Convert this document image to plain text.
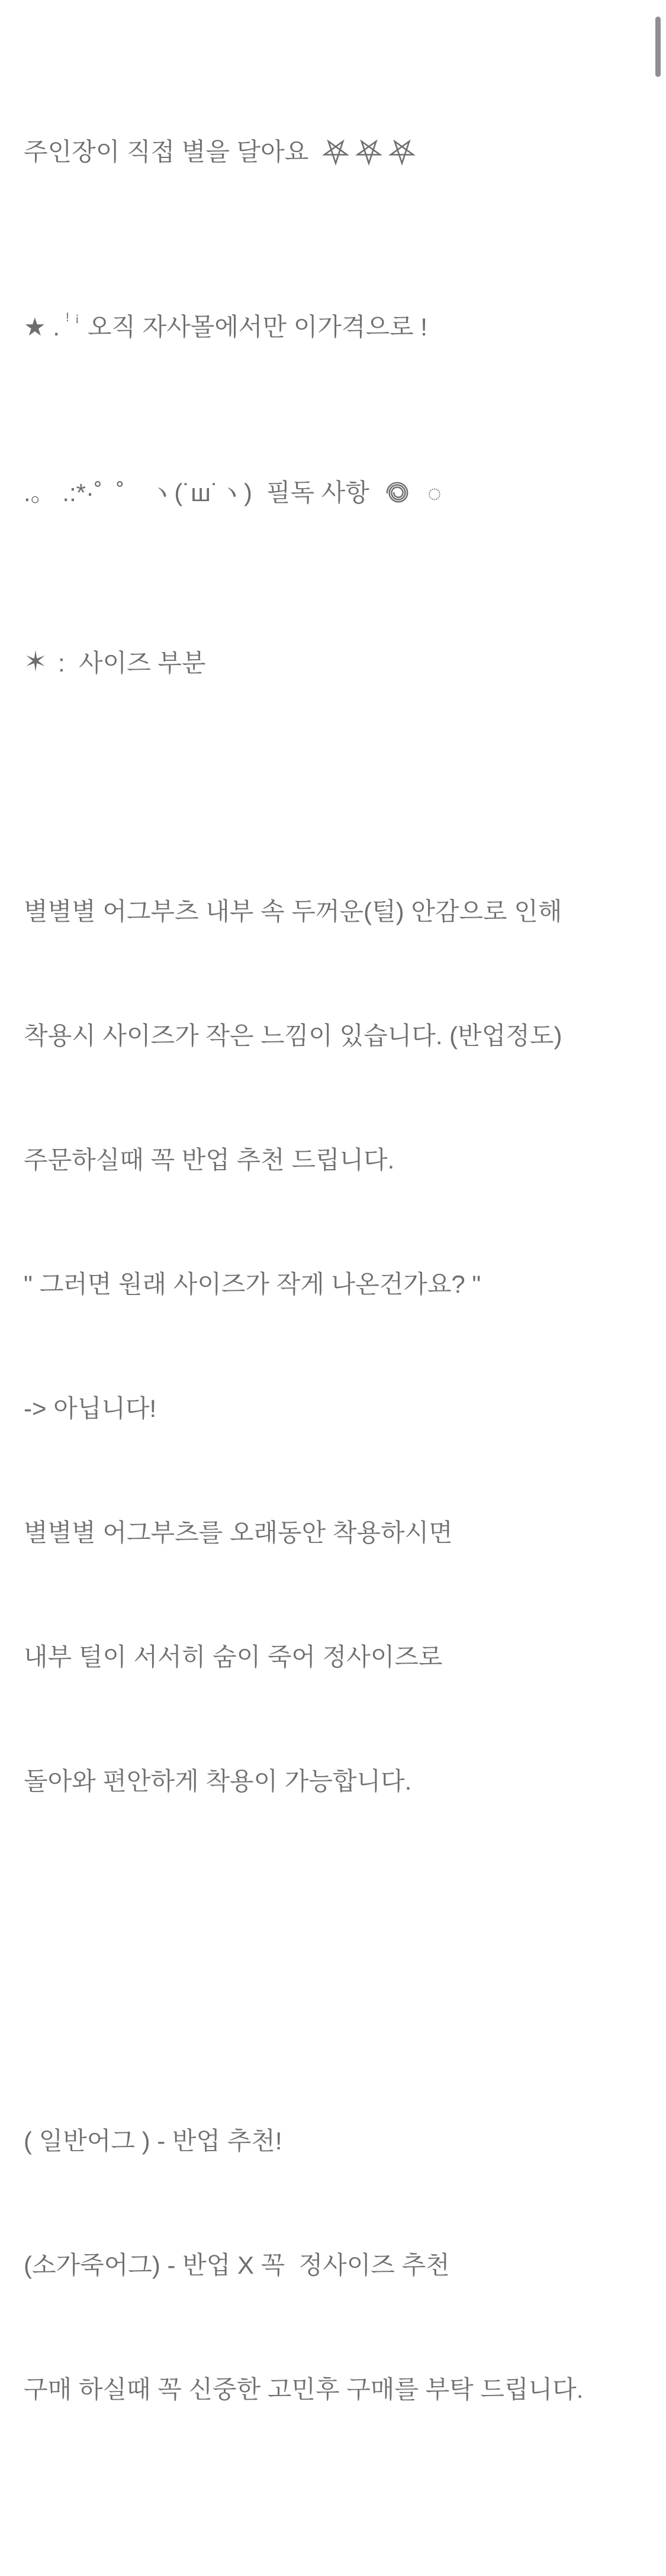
주인장이 직접 별을 달아요

★ . !¡오직 자사몰에서만 이가격으로 !

.。 .:*·˚  ˚ ヽ(˙ш˙ヽ) 필독 사항 ◌

:  사이즈 부분

별별별 어그부츠 내부 속 두꺼운(털) 안감으로 인해

착용시 사이즈가 작은 느낌이 있습니다. (반업정도)

주문하실때 꼭 반업 추천 드립니다.

" 그러면 원래 사이즈가 작게 나온건가요? "

-> 아닙니다!

별별별 어그부츠를 오래동안 착용하시면

내부 털이 서서히 숨이 죽어 정사이즈로

돌아와 편안하게 착용이 가능합니다.

( 일반어그 ) - 반업 추천!

(소가죽어그) - 반업 X 꼭  정사이즈 추천

구매 하실때 꼭 신중한 고민후 구매를 부탁 드립니다.
